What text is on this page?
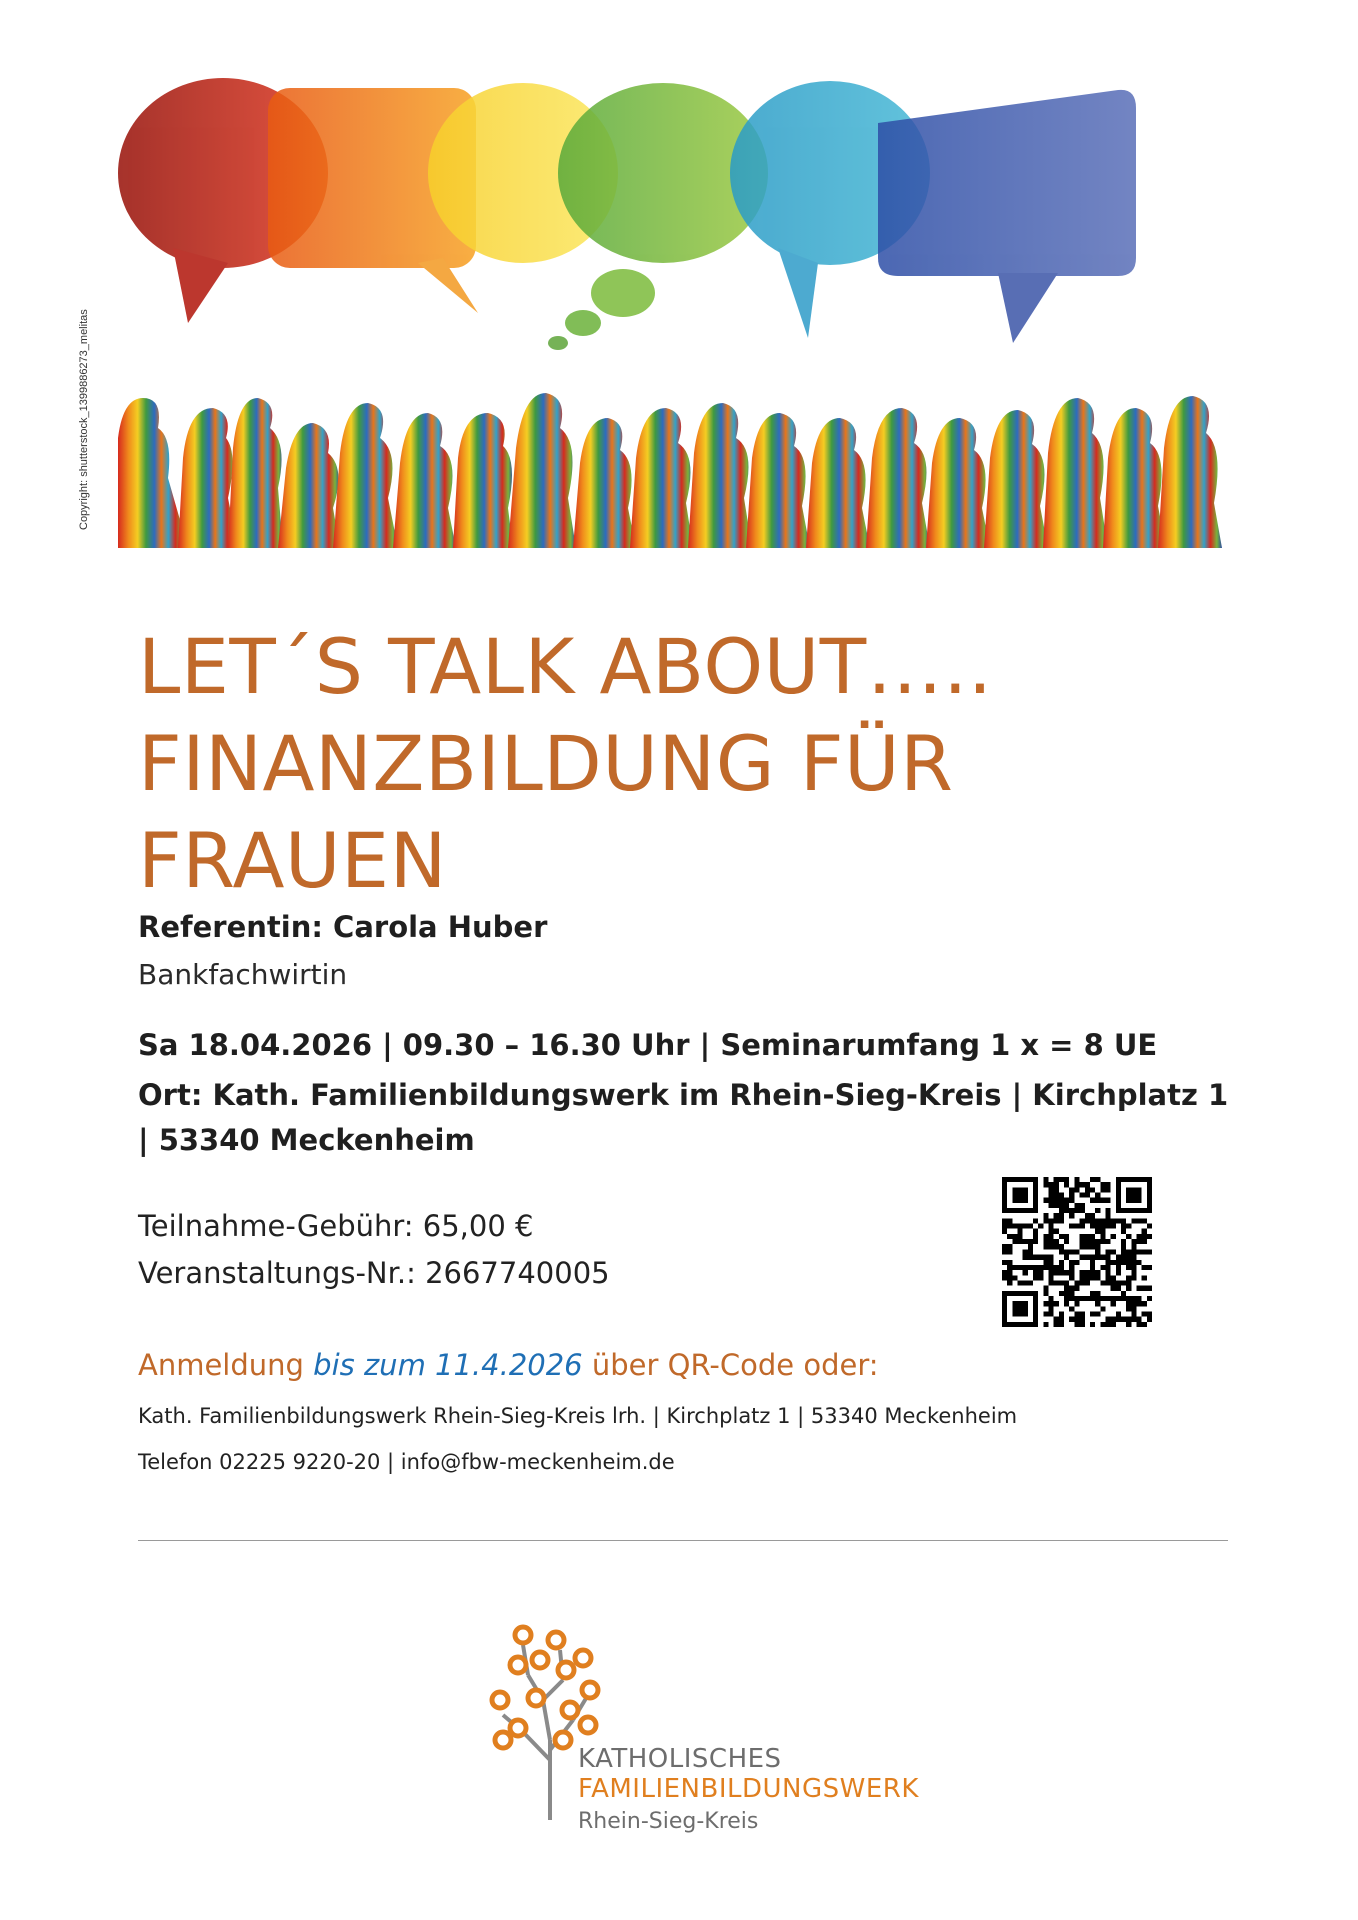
Copyright: shutterstock_1399886273_melitas
LET´S TALK ABOUT…..
FINANZBILDUNG FÜR
FRAUEN
Referentin: Carola Huber
Bankfachwirtin
Sa 18.04.2026 | 09.30 – 16.30 Uhr | Seminarumfang 1 x = 8 UE
Ort: Kath. Familienbildungswerk im Rhein-Sieg-Kreis | Kirchplatz 1 | 53340 Meckenheim
Teilnahme-Gebühr: 65,00 €
Veranstaltungs-Nr.: 2667740005
Anmeldung bis zum 11.4.2026 über QR-Code oder:
Kath. Familienbildungswerk Rhein-Sieg-Kreis lrh. | Kirchplatz 1 | 53340 Meckenheim
Telefon 02225 9220-20 | info@fbw-meckenheim.de
KATHOLISCHES
FAMILIENBILDUNGSWERK
Rhein-Sieg-Kreis
